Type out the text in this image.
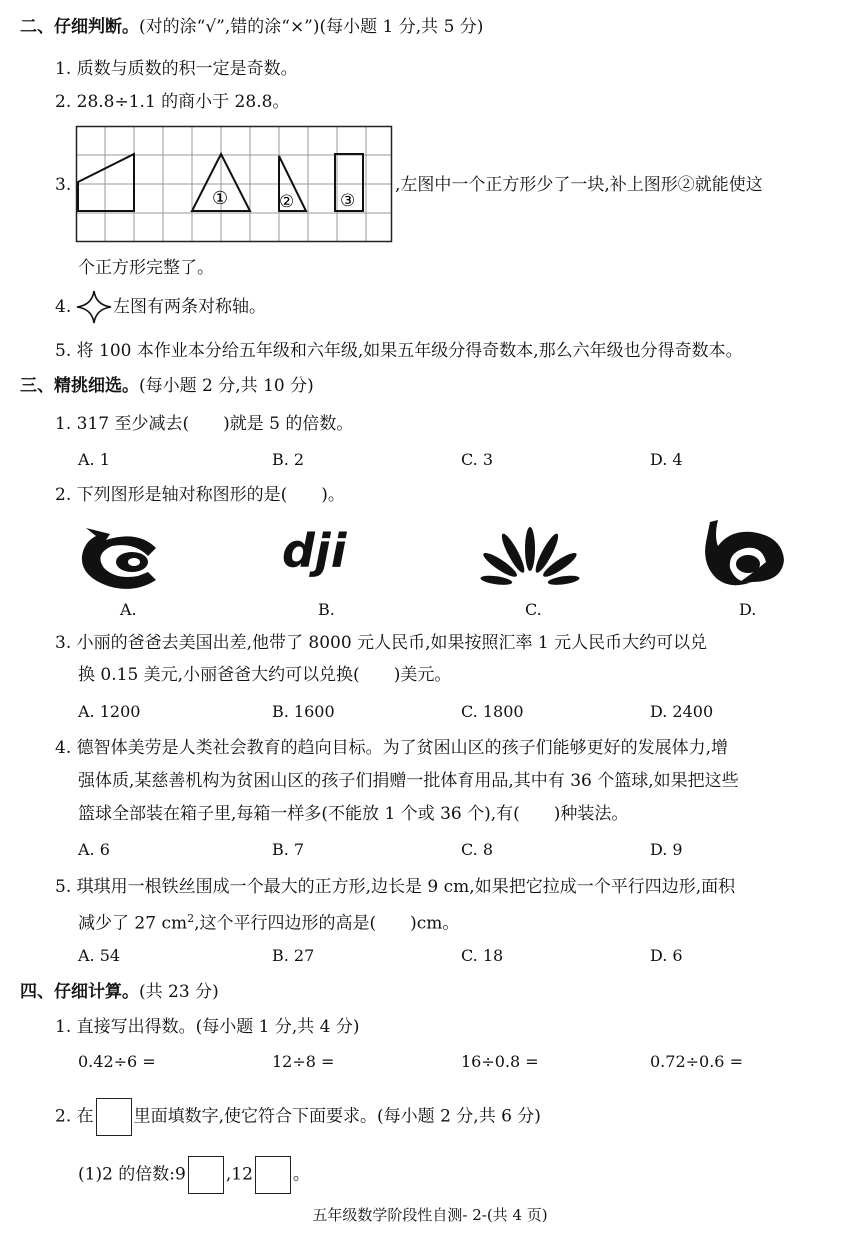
二、仔细判断。(对的涂“√”,错的涂“×”)(每小题 1 分,共 5 分)
1. 质数与质数的积一定是奇数。
2. 28.8÷1.1 的商小于 28.8。
3.
①	②	③
,左图中一个正方形少了一块,补上图形②就能使这
个正方形完整了。
4. 左图有两条对称轴。
5. 将 100 本作业本分给五年级和六年级,如果五年级分得奇数本,那么六年级也分得奇数本。
三、精挑细选。(每小题 2 分,共 10 分)
1. 317 至少减去(　　)就是 5 的倍数。
A. 1	B. 2	C. 3	D. 4
2. 下列图形是轴对称图形的是(　　)。
dji
A.	B.	C.	D.
3. 小丽的爸爸去美国出差,他带了 8000 元人民币,如果按照汇率 1 元人民币大约可以兑
换 0.15 美元,小丽爸爸大约可以兑换(　　)美元。
A. 1200	B. 1600	C. 1800	D. 2400
4. 德智体美劳是人类社会教育的趋向目标。为了贫困山区的孩子们能够更好的发展体力,增
强体质,某慈善机构为贫困山区的孩子们捐赠一批体育用品,其中有 36 个篮球,如果把这些
篮球全部装在箱子里,每箱一样多(不能放 1 个或 36 个),有(　　)种装法。
A. 6	B. 7	C. 8	D. 9
5. 琪琪用一根铁丝围成一个最大的正方形,边长是 9 cm,如果把它拉成一个平行四边形,面积
减少了 27 $cm^2$,这个平行四边形的高是(　　)cm。
A. 54	B. 27	C. 18	D. 6
四、仔细计算。(共 23 分)
1. 直接写出得数。(每小题 1 分,共 4 分)
0.42÷6 =	12÷8 =	16÷0.8 =	0.72÷0.6 =
2. 在 里面填数字,使它符合下面要求。(每小题 2 分,共 6 分)
(1)2 的倍数:9 ,12 。
五年级数学阶段性自测- 2-(共 4 页)
